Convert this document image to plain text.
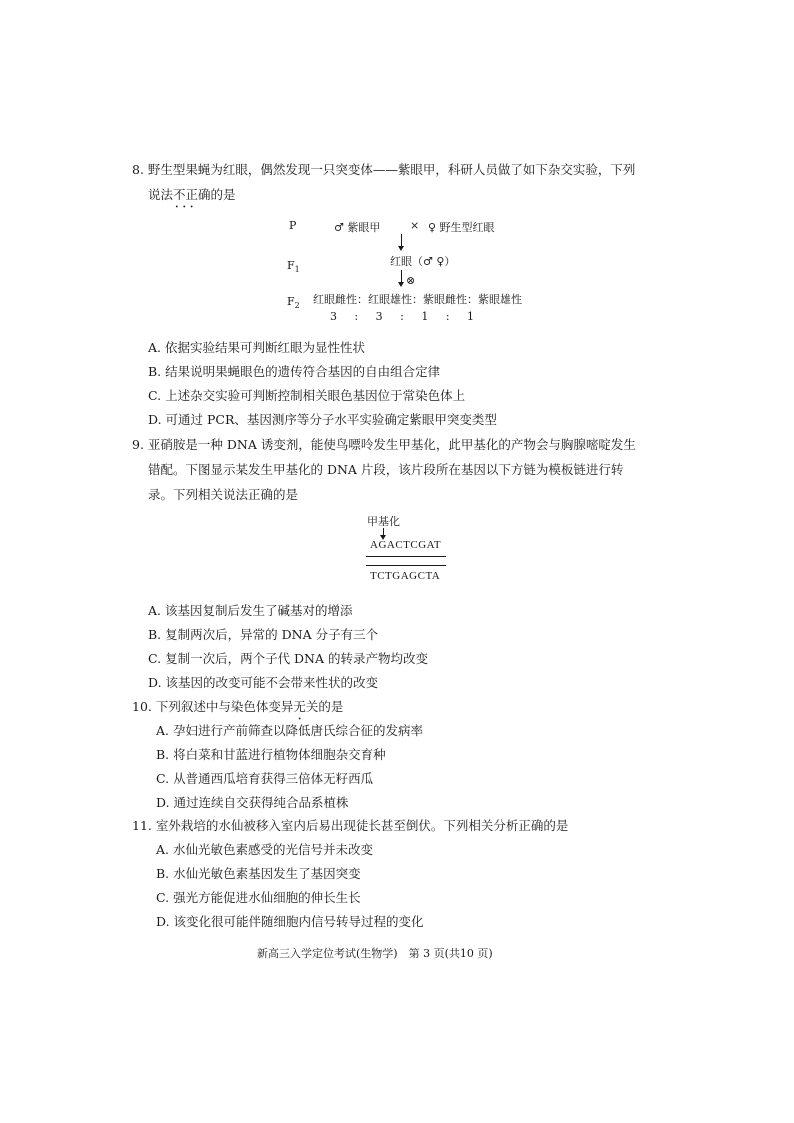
8. 野生型果蝇为红眼，偶然发现一只突变体——紫眼甲，科研人员做了如下杂交实验，下列
说法不正确 • • •的是
P	♂ 紫眼甲	× ♀ 野生型红眼
$F_1$
红眼（♂ ♀）
⊗
$F_2$ 红眼雌性：红眼雄性：紫眼雌性：紫眼雄性
3     :     3     :     1     :     1
A. 依据实验结果可判断红眼为显性性状
B. 结果说明果蝇眼色的遗传符合基因的自由组合定律
C. 上述杂交实验可判断控制相关眼色基因位于常染色体上
D. 可通过 PCR、基因测序等分子水平实验确定紫眼甲突变类型
9. 亚硝胺是一种 DNA 诱变剂，能使鸟嘌呤发生甲基化，此甲基化的产物会与胸腺嘧啶发生
错配。下图显示某发生甲基化的 DNA 片段，该片段所在基因以下方链为模板链进行转
录。下列相关说法正确的是
甲基化
AGACTCGAT
TCTGAGCTA
A. 该基因复制后发生了碱基对的增添
B. 复制两次后，异常的 DNA 分子有三个
C. 复制一次后，两个子代 DNA 的转录产物均改变
D. 该基因的改变可能不会带来性状的改变
10. 下列叙述中与染色体变异无关的是
A. 孕妇进行产前筛查以降低唐氏综合征的发病率
B. 将白菜和甘蓝进行植物体细胞杂交育种
C. 从普通西瓜培育获得三倍体无籽西瓜
D. 通过连续自交获得纯合品系植株
11. 室外栽培的水仙被移入室内后易出现徒长甚至倒伏。下列相关分析正确的是
A. 水仙光敏色素感受的光信号并未改变
B. 水仙光敏色素基因发生了基因突变
C. 强光方能促进水仙细胞的伸长生长
D. 该变化很可能伴随细胞内信号转导过程的变化
新高三入学定位考试(生物学)　第 3 页(共10 页)
